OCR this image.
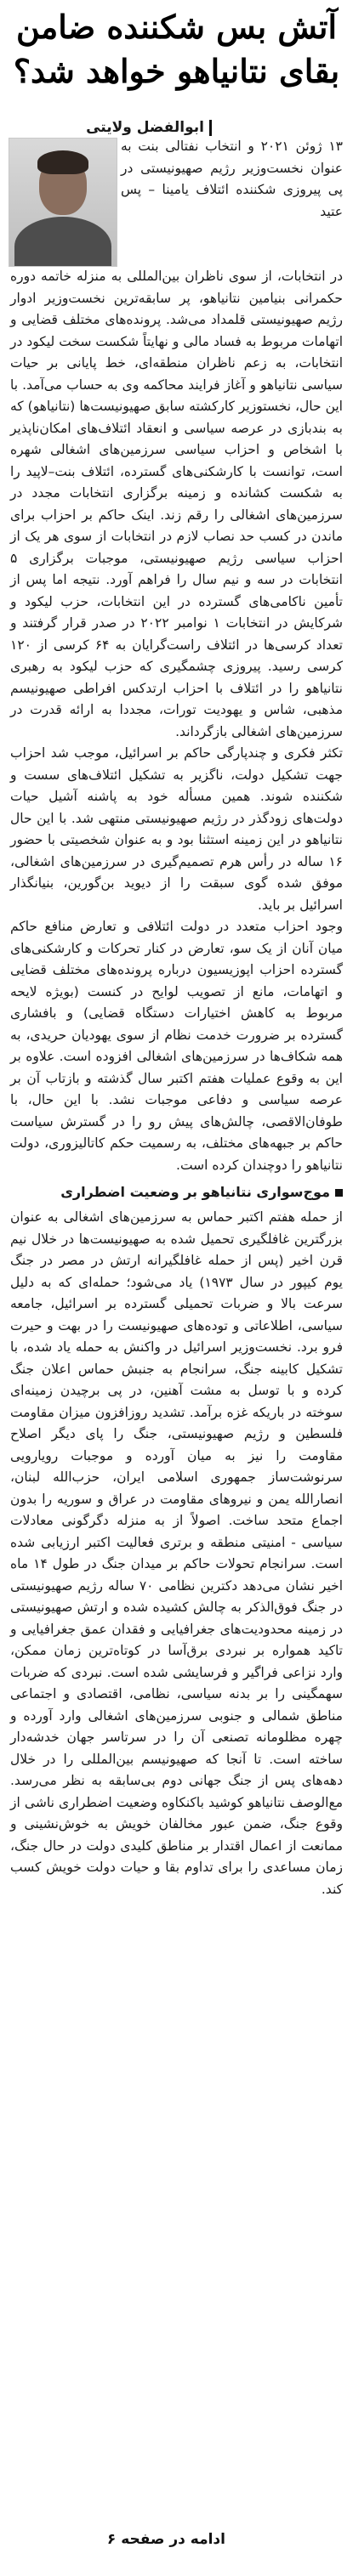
آتش بس شکننده ضامن بقای نتانیاهو خواهد شد؟
ابوالفضل ولایتی

۱۳ ژوئن ۲۰۲۱ و انتخاب نفتالی بنت به عنوان نخست‌وزیر رژیم صهیونیستی در پی پیروزی شکننده ائتلاف یامینا – پس عتید

در انتخابات، از سوی ناظران بین‌المللی به منزله خاتمه دوره حکمرانی بنیامین نتانیاهو، پر سابقه‌ترین نخست‌وزیر ادوار رژیم صهیونیستی قلمداد می‌شد. پرونده‌های مختلف قضایی و اتهامات مربوط به فساد مالی و نهایتاً شکست سخت لیکود در انتخابات، به زعم ناظران منطقه‌ای، خط پایانی بر حیات سیاسی نتانیاهو و آغاز فرایند محاکمه وی به حساب می‌آمد. با این حال، نخستوزیر کارکشته سابق صهیونیست‌ها (نتانیاهو) که به بندبازی در عرصه سیاسی و انعقاد ائتلاف‌های امکان‌ناپذیر با اشخاص و احزاب سیاسی سرزمین‌های اشغالی شهره است، توانست با کارشکنی‌های گسترده، ائتلاف بنت–لاپید را به شکست کشانده و زمینه برگزاری انتخابات مجدد در سرزمین‌های اشغالی را رقم زند. اینک حاکم بر احزاب برای ماندن در کسب حد نصاب لازم در انتخابات از سوی هر یک از احزاب سیاسی رژیم صهیونیستی، موجبات برگزاری ۵ انتخابات در سه و نیم سال را فراهم آورد. نتیجه اما پس از تأمین ناکامی‌های گسترده در این انتخابات، حزب لیکود و شرکایش در انتخابات ۱ نوامبر ۲۰۲۲ در صدر قرار گرفتند و تعداد کرسی‌ها در ائتلاف راست‌گرایان به ۶۴ کرسی از ۱۲۰ کرسی رسید. پیروزی چشمگیری که حزب لیکود به رهبری نتانیاهو را در ائتلاف با احزاب ارتدکس افراطی صهیونیسم مذهبی، شاس و یهودیت تورات، مجددا به ارائه قدرت در سرزمین‌های اشغالی بازگرداند.

تکثر فکری و چندپارگی حاکم بر اسرائیل، موجب شد احزاب جهت تشکیل دولت، ناگزیر به تشکیل ائتلاف‌های سست و شکننده شوند. همین مسأله خود به پاشنه آشیل حیات دولت‌های زودگذر در رژیم صهیونیستی منتهی شد. با این حال نتانیاهو در این زمینه استثنا بود و به عنوان شخصیتی با حضور ۱۶ ساله در رأس هرم تصمیم‌گیری در سرزمین‌های اشغالی، موفق شده گوی سبقت را از دیوید بن‌گورین، بنیانگذار اسرائیل بر باید.

وجود احزاب متعدد در دولت ائتلافی و تعارض منافع حاکم میان آنان از یک سو، تعارض در کنار تحرکات و کارشکنی‌های گسترده احزاب اپوزیسیون درباره پرونده‌های مختلف قضایی و اتهامات، مانع از تصویب لوایح در کنست (بویژه لایحه مربوط به کاهش اختیارات دستگاه قضایی) و بافشاری گسترده بر ضرورت خدمت نظام از سوی یهودیان حریدی، به همه شکاف‌ها در سرزمین‌های اشغالی افزوده است. علاوه بر این به وقوع عملیات هفتم اکتبر سال گذشته و بازتاب آن بر عرصه سیاسی و دفاعی موجبات نشد. با این حال، با طوفان‌الاقصی، چالش‌های پیش رو را در گسترش سیاست حاکم بر جبهه‌های مختلف، به رسمیت حکم کاتالیزوری، دولت نتانیاهو را دوچندان کرده است.

موج‌سواری نتانیاهو بر وضعیت اضطراری

از حمله هفتم اکتبر حماس به سرزمین‌های اشغالی به عنوان بزرگترین غافلگیری تحمیل شده به صهیونیست‌ها در خلال نیم قرن اخیر (پس از حمله غافلگیرانه ارتش در مصر در جنگ یوم کیپور در سال ۱۹۷۳) یاد می‌شود؛ حمله‌ای که به دلیل سرعت بالا و ضربات تحمیلی گسترده بر اسرائیل، جامعه سیاسی، اطلاعاتی و توده‌های صهیونیست را در بهت و حیرت فرو برد. نخست‌وزیر اسرائیل در واکنش به حمله یاد شده، با تشکیل کابینه جنگ، سرانجام به جنبش حماس اعلان جنگ کرده و با توسل به مشت آهنین، در پی برچیدن زمینه‌ای سوخته در باریکه غزه برآمد. تشدید روزافزون میزان مقاومت فلسطین و رژیم صهیونیستی، جنگ را پای دیگر اصلاح مقاومت را نیز به میان آورده و موجبات رویارویی سرنوشت‌ساز جمهوری اسلامی ایران، حزب‌الله لبنان، انصارالله یمن و نیروهای مقاومت در عراق و سوریه را بدون اجماع متحد ساخت. اصولاً از به منزله دگرگونی معادلات سیاسی - امنیتی منطقه و برتری فعالیت اکتبر ارزیابی شده است. سرانجام تحولات حاکم بر میدان جنگ در طول ۱۴ ماه اخیر نشان می‌دهد دکترین نظامی ۷۰ ساله رژیم صهیونیستی در جنگ فوق‌الذکر به چالش کشیده شده و ارتش صهیونیستی در زمینه محدودیت‌های جغرافیایی و فقدان عمق جغرافیایی و تاکید همواره بر نبردی برق‌آسا در کوتاه‌ترین زمان ممکن، وارد نزاعی فراگیر و فرسایشی شده است. نبردی که ضربات سهمگینی را بر بدنه سیاسی، نظامی، اقتصادی و اجتماعی مناطق شمالی و جنوبی سرزمین‌های اشغالی وارد آورده و چهره مظلومانه تصنعی آن را در سرتاسر جهان خدشه‌دار ساخته است. تا آنجا که صهیونیسم بین‌المللی را در خلال دهه‌های پس از جنگ جهانی دوم بی‌سابقه به نظر می‌رسد. مع‌الوصف نتانیاهو کوشید باکنکاوه وضعیت اضطراری ناشی از وقوع جنگ، ضمن عبور مخالفان خویش به خوش‌نشینی و ممانعت از اعمال اقتدار بر مناطق کلیدی دولت در حال جنگ، زمان مساعدی را برای تداوم بقا و حیات دولت خویش کسب کند.

ادامه در صفحه ۶
